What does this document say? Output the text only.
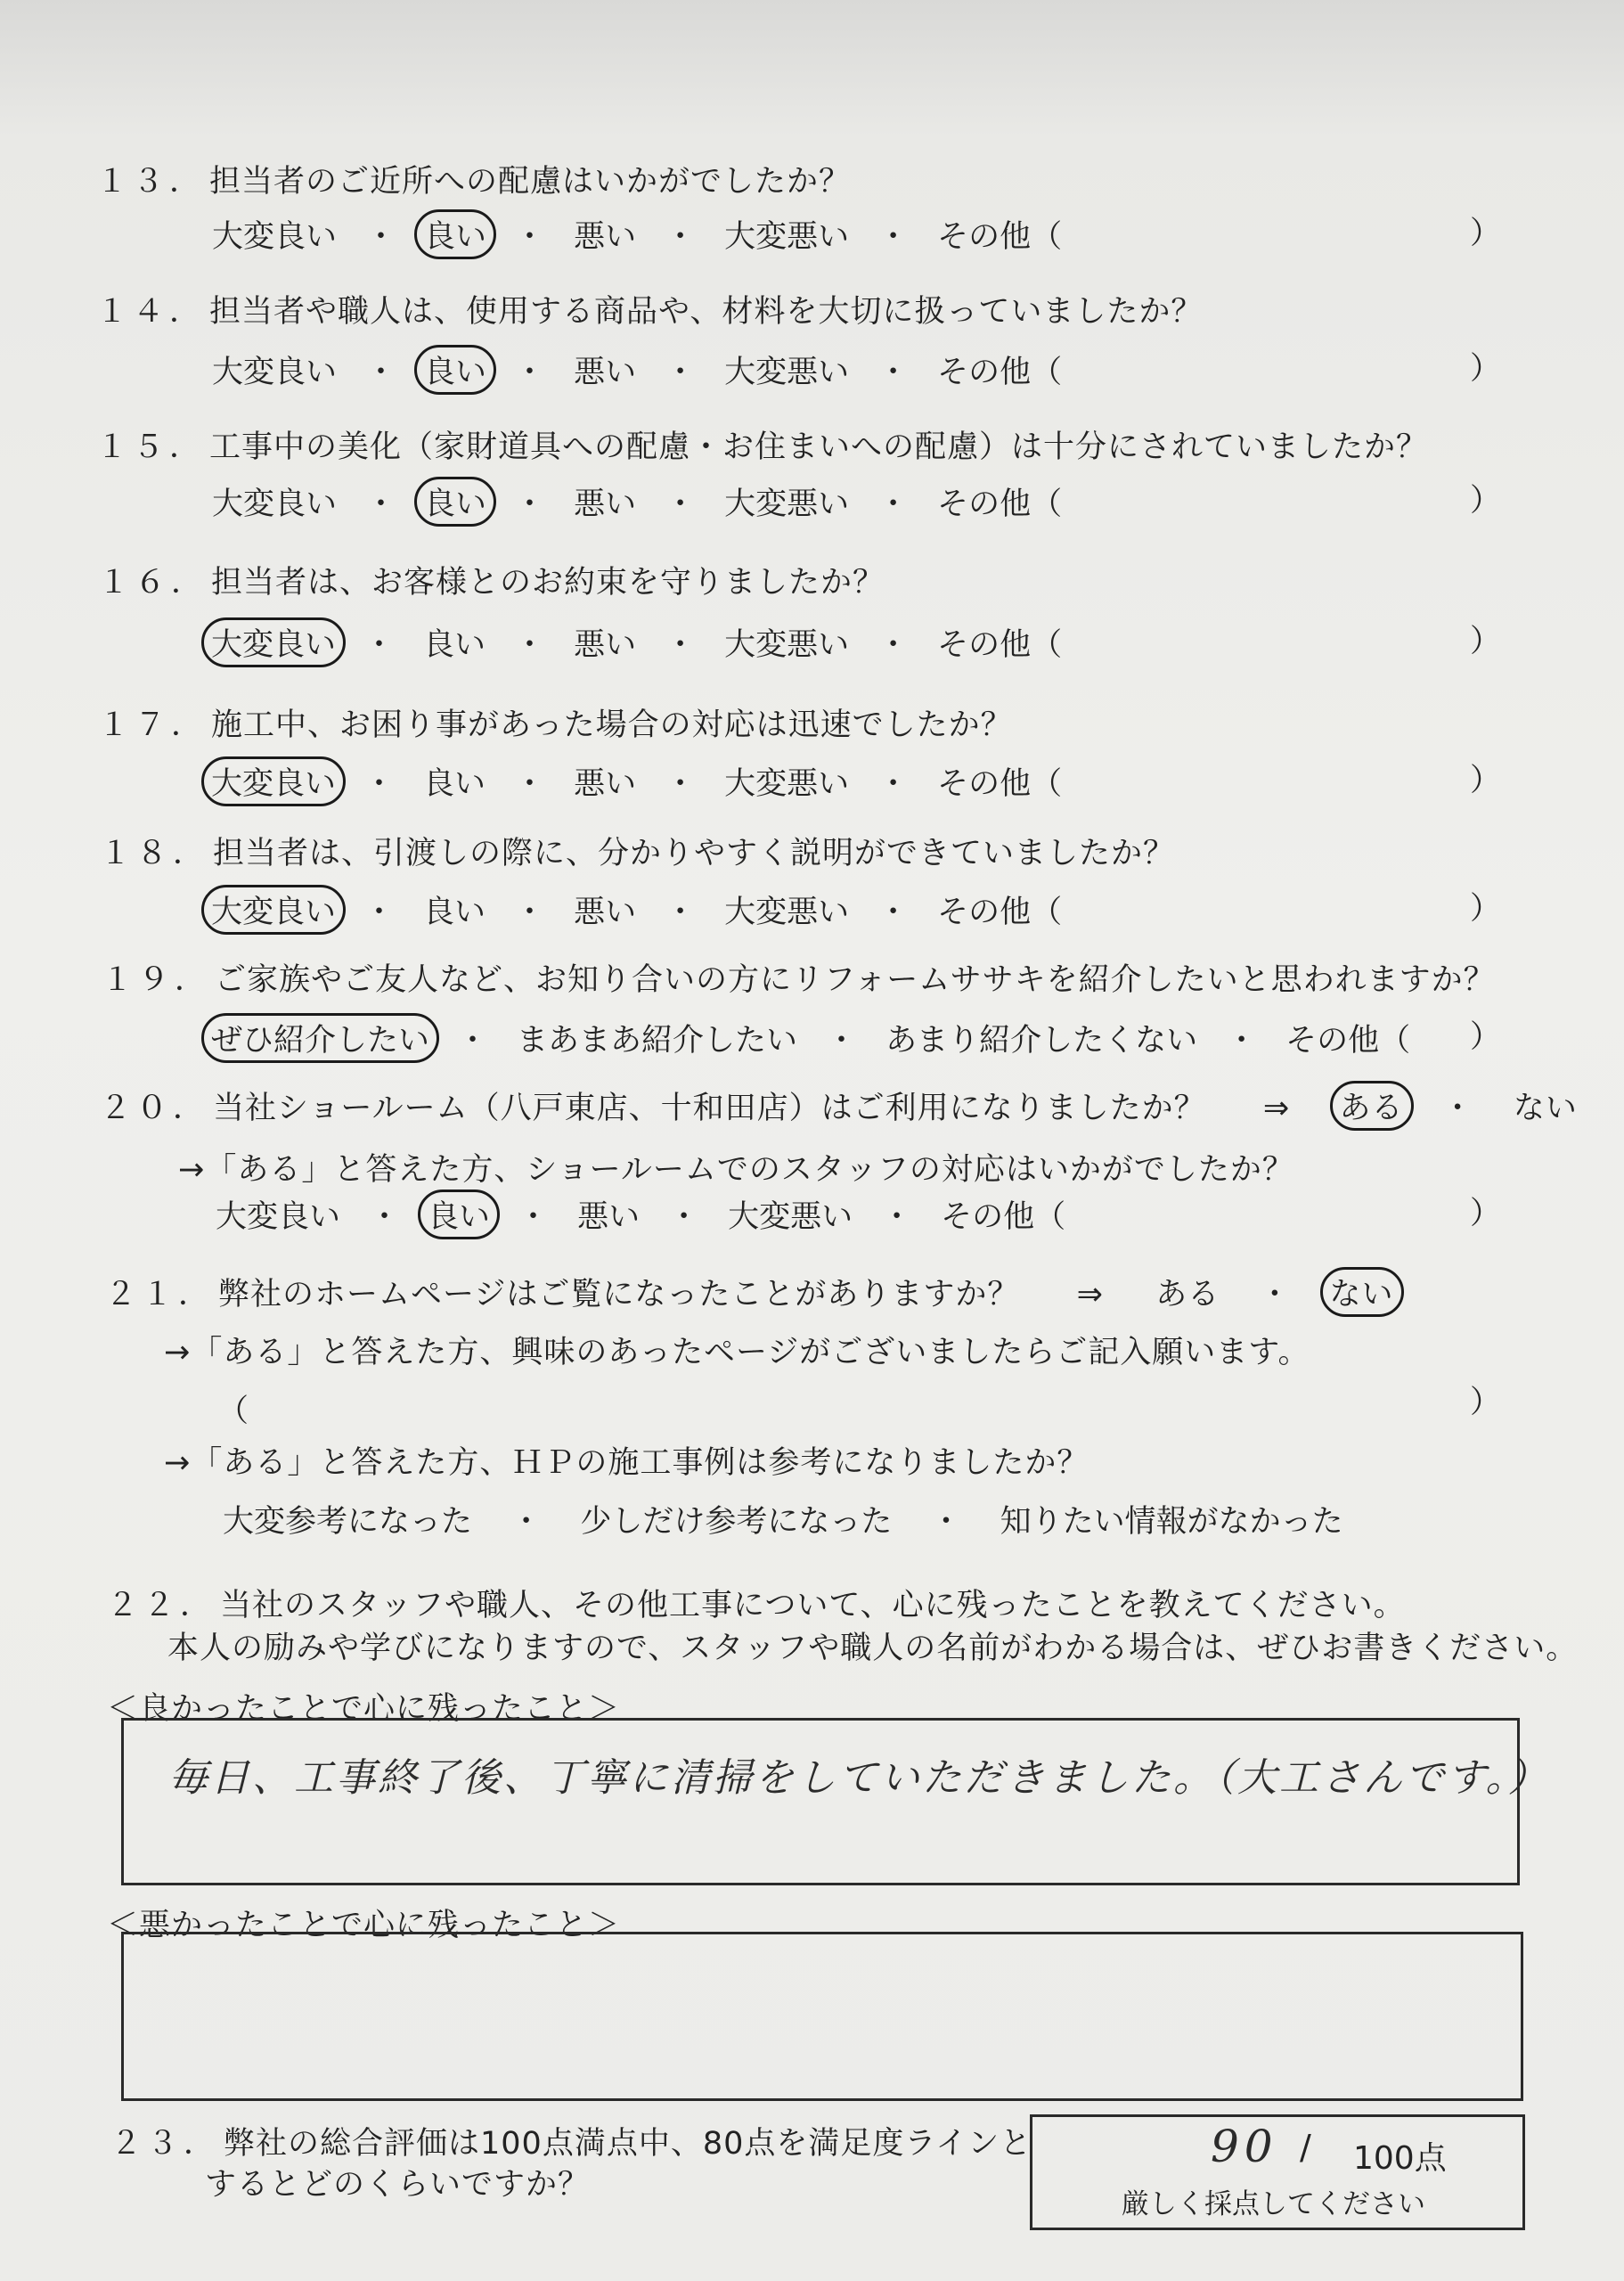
１３． 担当者のご近所への配慮はいかがでしたか？
大変良い ・ 良い ・ 悪い ・ 大変悪い ・ その他（	）
１４． 担当者や職人は、使用する商品や、材料を大切に扱っていましたか？
大変良い ・ 良い ・ 悪い ・ 大変悪い ・ その他（	）
１５． 工事中の美化（家財道具への配慮・お住まいへの配慮）は十分にされていましたか？
大変良い ・ 良い ・ 悪い ・ 大変悪い ・ その他（	）
１６． 担当者は、お客様とのお約束を守りましたか？
大変良い ・ 良い ・ 悪い ・ 大変悪い ・ その他（	）
１７． 施工中、お困り事があった場合の対応は迅速でしたか？
大変良い ・ 良い ・ 悪い ・ 大変悪い ・ その他（	）
１８． 担当者は、引渡しの際に、分かりやすく説明ができていましたか？
大変良い ・ 良い ・ 悪い ・ 大変悪い ・ その他（	）
１９． ご家族やご友人など、お知り合いの方にリフォームササキを紹介したいと思われますか？
ぜひ紹介したい ・ まあまあ紹介したい ・ あまり紹介したくない ・ その他（ ）
２０． 当社ショールーム（八戸東店、十和田店）はご利用になりましたか？ ⇒ ある ・ ない
→「ある」と答えた方、ショールームでのスタッフの対応はいかがでしたか？
大変良い ・ 良い ・ 悪い ・ 大変悪い ・ その他（	）
２１． 弊社のホームページはご覧になったことがありますか？ ⇒ ある ・ ない
→「ある」と答えた方、興味のあったページがございましたらご記入願います。
（	）
→「ある」と答えた方、ＨＰの施工事例は参考になりましたか？
大変参考になった ・ 少しだけ参考になった ・ 知りたい情報がなかった
２２． 当社のスタッフや職人、その他工事について、心に残ったことを教えてください。
本人の励みや学びになりますので、スタッフや職人の名前がわかる場合は、ぜひお書きください。
＜良かったことで心に残ったこと＞
毎日、工事終了後、丁寧に清掃をしていただきました。（大工さんです。）
＜悪かったことで心に残ったこと＞
２３． 弊社の総合評価は100点満点中、80点を満足度ラインと
するとどのくらいですか？
90 / 100点
厳しく採点してください
